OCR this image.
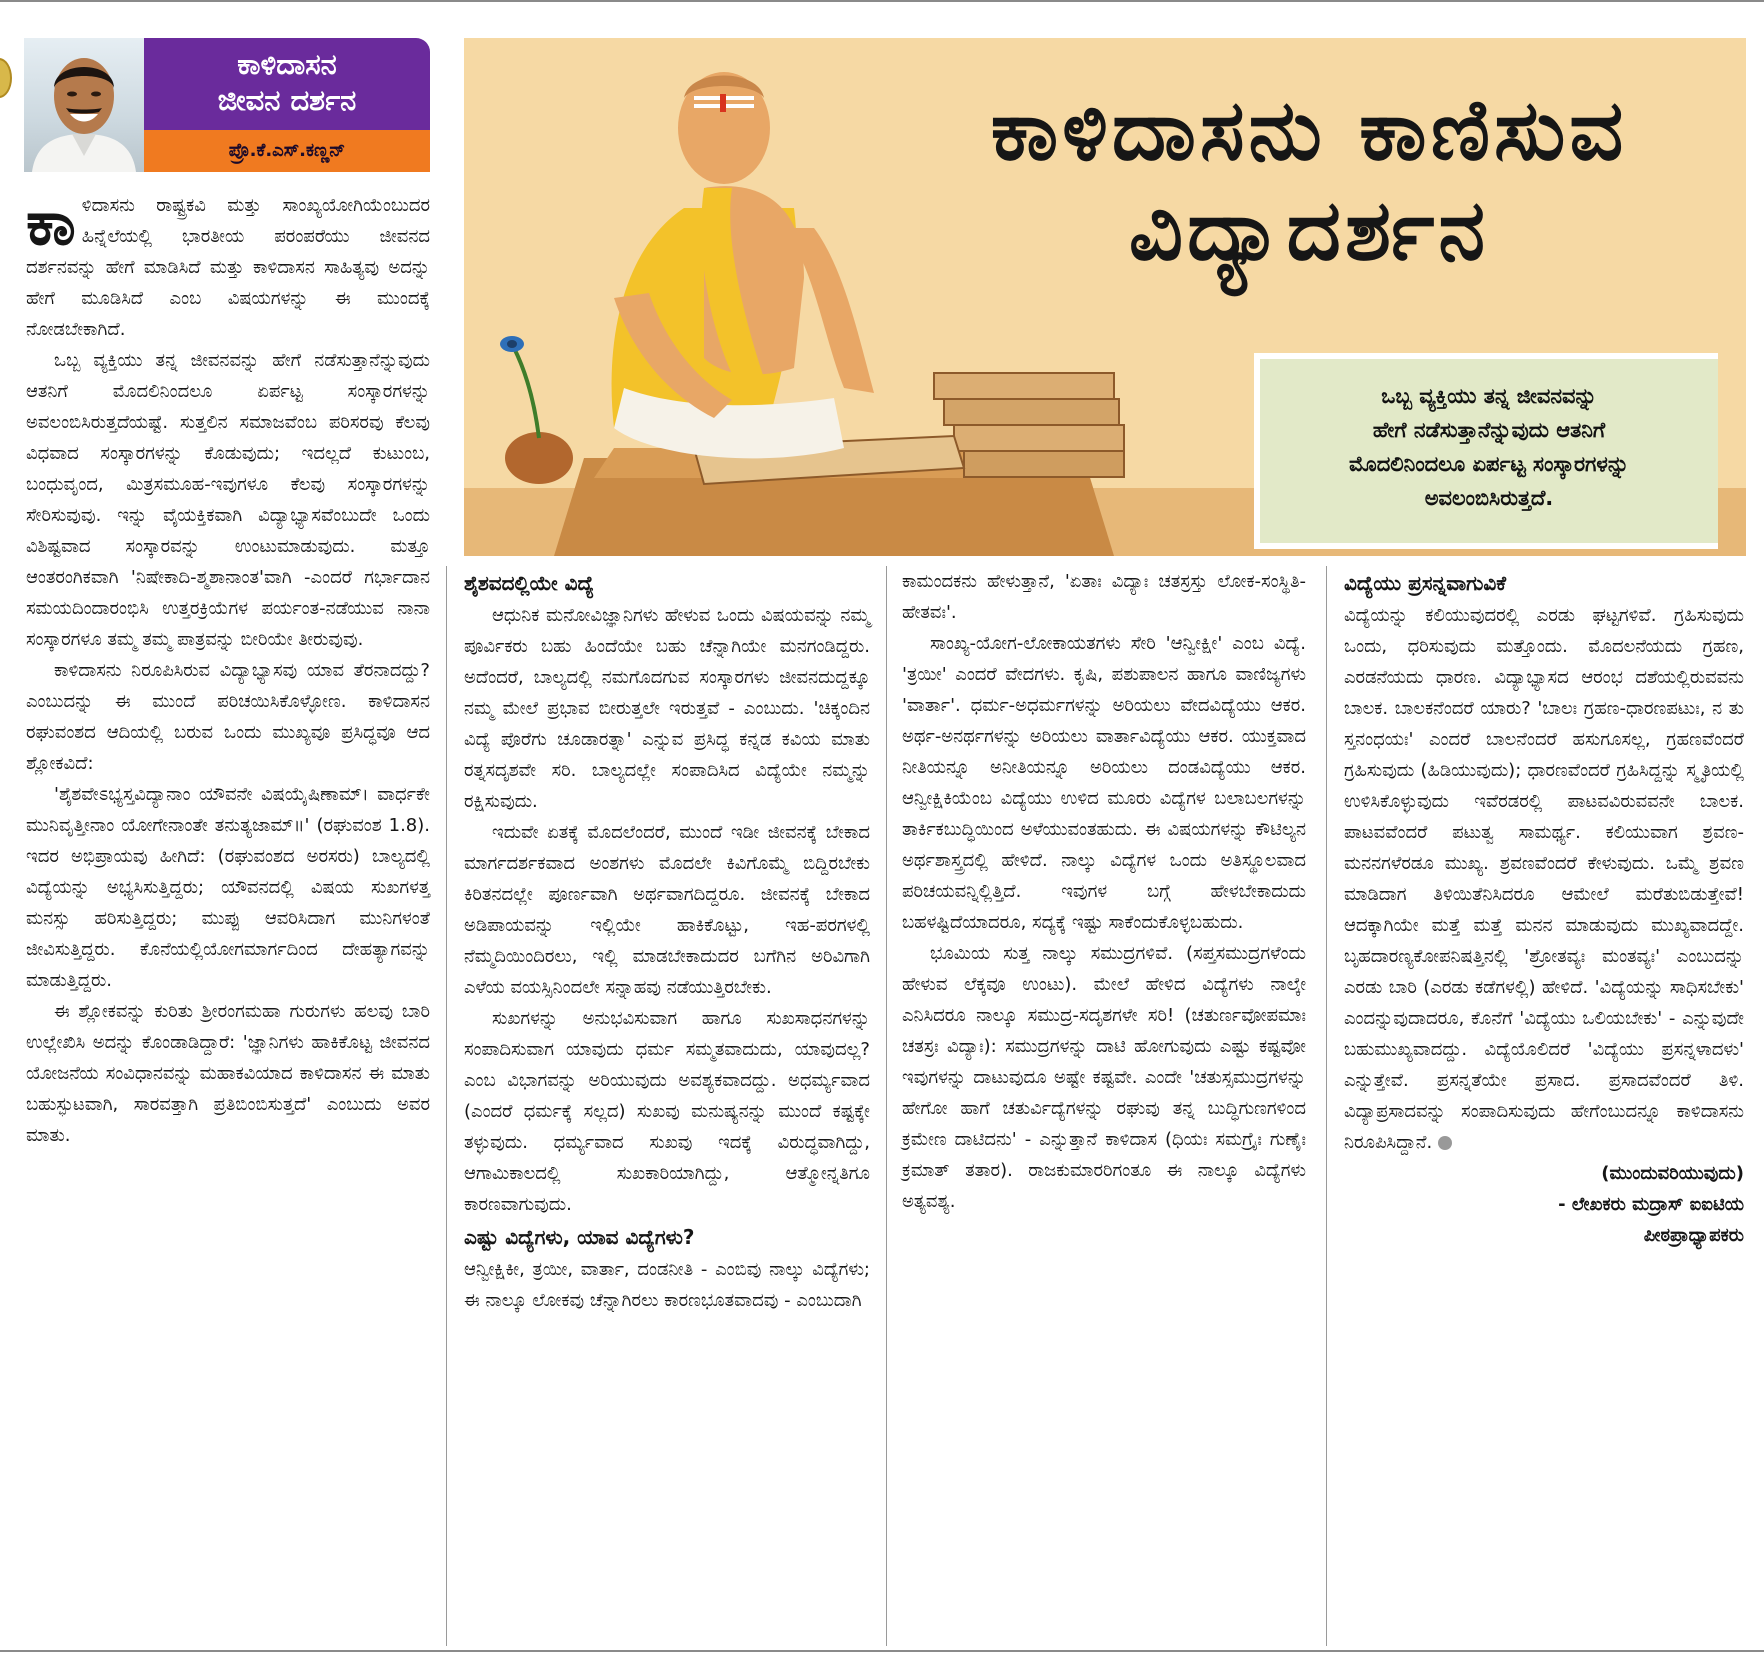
ಕಾಳಿದಾಸನ
ಜೀವನ ದರ್ಶನ
ಪ್ರೊ.ಕೆ.ಎಸ್.ಕಣ್ಣನ್	ಕಾಳಿದಾಸನು ಕಾಣಿಸುವ
ವಿದ್ಯಾದರ್ಶನ
ಒಬ್ಬ ವ್ಯಕ್ತಿಯು ತನ್ನ ಜೀವನವನ್ನು
ಹೇಗೆ ನಡೆಸುತ್ತಾನೆನ್ನುವುದು ಆತನಿಗೆ
ಮೊದಲಿನಿಂದಲೂ ಏರ್ಪಟ್ಟ ಸಂಸ್ಕಾರಗಳನ್ನು
ಅವಲಂಬಿಸಿರುತ್ತದೆ.

ಕಾಳಿದಾಸನು ರಾಷ್ಟ್ರಕವಿ ಮತ್ತು ಸಾಂಖ್ಯಯೋಗಿಯೆಂಬುದರ ಹಿನ್ನೆಲೆಯಲ್ಲಿ ಭಾರತೀಯ ಪರಂಪರೆಯು ಜೀವನದ ದರ್ಶನವನ್ನು ಹೇಗೆ ಮಾಡಿಸಿದೆ ಮತ್ತು ಕಾಳಿದಾಸನ ಸಾಹಿತ್ಯವು ಅದನ್ನು ಹೇಗೆ ಮೂಡಿಸಿದೆ ಎಂಬ ವಿಷಯಗಳನ್ನು ಈ ಮುಂದಕ್ಕೆ ನೋಡಬೇಕಾಗಿದೆ.

ಒಬ್ಬ ವ್ಯಕ್ತಿಯು ತನ್ನ ಜೀವನವನ್ನು ಹೇಗೆ ನಡೆಸುತ್ತಾನೆನ್ನುವುದು ಆತನಿಗೆ ಮೊದಲಿನಿಂದಲೂ ಏರ್ಪಟ್ಟ ಸಂಸ್ಕಾರಗಳನ್ನು ಅವಲಂಬಿಸಿರುತ್ತದೆಯಷ್ಟೆ. ಸುತ್ತಲಿನ ಸಮಾಜವೆಂಬ ಪರಿಸರವು ಕೆಲವು ವಿಧವಾದ ಸಂಸ್ಕಾರಗಳನ್ನು ಕೊಡುವುದು; ಇದಲ್ಲದೆ ಕುಟುಂಬ, ಬಂಧುವೃಂದ, ಮಿತ್ರಸಮೂಹ-ಇವುಗಳೂ ಕೆಲವು ಸಂಸ್ಕಾರಗಳನ್ನು ಸೇರಿಸುವುವು. ಇನ್ನು ವೈಯಕ್ತಿಕವಾಗಿ ವಿದ್ಯಾಭ್ಯಾಸವೆಂಬುದೇ ಒಂದು ವಿಶಿಷ್ಟವಾದ ಸಂಸ್ಕಾರವನ್ನು ಉಂಟುಮಾಡುವುದು. ಮತ್ತೂ ಆಂತರಂಗಿಕವಾಗಿ 'ನಿಷೇಕಾದಿ-ಶ್ಮಶಾನಾಂತ'ವಾಗಿ -ಎಂದರೆ ಗರ್ಭಾದಾನ ಸಮಯದಿಂದಾರಂಭಿಸಿ ಉತ್ತರಕ್ರಿಯೆಗಳ ಪರ್ಯಂತ-ನಡೆಯುವ ನಾನಾ ಸಂಸ್ಕಾರಗಳೂ ತಮ್ಮ ತಮ್ಮ ಪಾತ್ರವನ್ನು ಬೀರಿಯೇ ತೀರುವುವು.

ಕಾಳಿದಾಸನು ನಿರೂಪಿಸಿರುವ ವಿದ್ಯಾಭ್ಯಾಸವು ಯಾವ ತೆರನಾದದ್ದು? ಎಂಬುದನ್ನು ಈ ಮುಂದೆ ಪರಿಚಯಿಸಿಕೊಳ್ಳೋಣ. ಕಾಳಿದಾಸನ ರಘುವಂಶದ ಆದಿಯಲ್ಲಿ ಬರುವ ಒಂದು ಮುಖ್ಯವೂ ಪ್ರಸಿದ್ಧವೂ ಆದ ಶ್ಲೋಕವಿದೆ:

'ಶೈಶವೇಽಭ್ಯಸ್ತವಿದ್ಯಾನಾಂ ಯೌವನೇ ವಿಷಯೈಷಿಣಾಮ್। ವಾರ್ಧಕೇ ಮುನಿವೃತ್ತೀನಾಂ ಯೋಗೇನಾಂತೇ ತನುತ್ಯಜಾಮ್॥' (ರಘುವಂಶ 1.8). ಇದರ ಅಭಿಪ್ರಾಯವು ಹೀಗಿದೆ: (ರಘುವಂಶದ ಅರಸರು) ಬಾಲ್ಯದಲ್ಲಿ ವಿದ್ಯೆಯನ್ನು ಅಭ್ಯಸಿಸುತ್ತಿದ್ದರು; ಯೌವನದಲ್ಲಿ ವಿಷಯ ಸುಖಗಳತ್ತ ಮನಸ್ಸು ಹರಿಸುತ್ತಿದ್ದರು; ಮುಪ್ಪು ಆವರಿಸಿದಾಗ ಮುನಿಗಳಂತೆ ಜೀವಿಸುತ್ತಿದ್ದರು. ಕೊನೆಯಲ್ಲಿಯೋಗಮಾರ್ಗದಿಂದ ದೇಹತ್ಯಾಗವನ್ನು ಮಾಡುತ್ತಿದ್ದರು.

ಈ ಶ್ಲೋಕವನ್ನು ಕುರಿತು ಶ್ರೀರಂಗಮಹಾ ಗುರುಗಳು ಹಲವು ಬಾರಿ ಉಲ್ಲೇಖಿಸಿ ಅದನ್ನು ಕೊಂಡಾಡಿದ್ದಾರೆ: 'ಜ್ಞಾನಿಗಳು ಹಾಕಿಕೊಟ್ಟ ಜೀವನದ ಯೋಜನೆಯ ಸಂವಿಧಾನವನ್ನು ಮಹಾಕವಿಯಾದ ಕಾಳಿದಾಸನ ಈ ಮಾತು ಬಹುಸ್ಫುಟವಾಗಿ, ಸಾರವತ್ತಾಗಿ ಪ್ರತಿಬಿಂಬಿಸುತ್ತದೆ' ಎಂಬುದು ಅವರ ಮಾತು.

ಶೈಶವದಲ್ಲಿಯೇ ವಿದ್ಯೆ

ಆಧುನಿಕ ಮನೋವಿಜ್ಞಾನಿಗಳು ಹೇಳುವ ಒಂದು ವಿಷಯವನ್ನು ನಮ್ಮ ಪೂರ್ವಿಕರು ಬಹು ಹಿಂದೆಯೇ ಬಹು ಚೆನ್ನಾಗಿಯೇ ಮನಗಂಡಿದ್ದರು. ಅದೆಂದರೆ, ಬಾಲ್ಯದಲ್ಲಿ ನಮಗೊದಗುವ ಸಂಸ್ಕಾರಗಳು ಜೀವನದುದ್ದಕ್ಕೂ ನಮ್ಮ ಮೇಲೆ ಪ್ರಭಾವ ಬೀರುತ್ತಲೇ ಇರುತ್ತವೆ - ಎಂಬುದು. 'ಚಿಕ್ಕಂದಿನ ವಿದ್ಯೆ ಪೊರೆಗು ಚೂಡಾರತ್ನಾ' ಎನ್ನುವ ಪ್ರಸಿದ್ಧ ಕನ್ನಡ ಕವಿಯ ಮಾತು ರತ್ನಸದೃಶವೇ ಸರಿ. ಬಾಲ್ಯದಲ್ಲೇ ಸಂಪಾದಿಸಿದ ವಿದ್ಯೆಯೇ ನಮ್ಮನ್ನು ರಕ್ಷಿಸುವುದು.

ಇದುವೇ ಏತಕ್ಕೆ ಮೊದಲೆಂದರೆ, ಮುಂದೆ ಇಡೀ ಜೀವನಕ್ಕೆ ಬೇಕಾದ ಮಾರ್ಗದರ್ಶಕವಾದ ಅಂಶಗಳು ಮೊದಲೇ ಕಿವಿಗೊಮ್ಮೆ ಬಿದ್ದಿರಬೇಕು ಕಿರಿತನದಲ್ಲೇ ಪೂರ್ಣವಾಗಿ ಅರ್ಥವಾಗದಿದ್ದರೂ. ಜೀವನಕ್ಕೆ ಬೇಕಾದ ಅಡಿಪಾಯವನ್ನು ಇಲ್ಲಿಯೇ ಹಾಕಿಕೊಟ್ಟು, ಇಹ-ಪರಗಳಲ್ಲಿ ನೆಮ್ಮದಿಯಿಂದಿರಲು, ಇಲ್ಲಿ ಮಾಡಬೇಕಾದುದರ ಬಗೆಗಿನ ಅರಿವಿಗಾಗಿ ಎಳೆಯ ವಯಸ್ಸಿನಿಂದಲೇ ಸನ್ನಾಹವು ನಡೆಯುತ್ತಿರಬೇಕು.

ಸುಖಗಳನ್ನು ಅನುಭವಿಸುವಾಗ ಹಾಗೂ ಸುಖಸಾಧನಗಳನ್ನು ಸಂಪಾದಿಸುವಾಗ ಯಾವುದು ಧರ್ಮ ಸಮ್ಮತವಾದುದು, ಯಾವುದಲ್ಲ? ಎಂಬ ವಿಭಾಗವನ್ನು ಅರಿಯುವುದು ಅವಶ್ಯಕವಾದದ್ದು. ಅಧರ್ಮ್ಯವಾದ (ಎಂದರೆ ಧರ್ಮಕ್ಕೆ ಸಲ್ಲದ) ಸುಖವು ಮನುಷ್ಯನನ್ನು ಮುಂದೆ ಕಷ್ಟಕ್ಕೇ ತಳ್ಳುವುದು. ಧರ್ಮ್ಯವಾದ ಸುಖವು ಇದಕ್ಕೆ ವಿರುದ್ಧವಾಗಿದ್ದು, ಆಗಾಮಿಕಾಲದಲ್ಲಿ ಸುಖಕಾರಿಯಾಗಿದ್ದು, ಆತ್ಮೋನ್ನತಿಗೂ ಕಾರಣವಾಗುವುದು.

ಎಷ್ಟು ವಿದ್ಯೆಗಳು, ಯಾವ ವಿದ್ಯೆಗಳು?

ಆನ್ವೀಕ್ಷಿಕೀ, ತ್ರಯೀ, ವಾರ್ತಾ, ದಂಡನೀತಿ - ಎಂಬಿವು ನಾಲ್ಕು ವಿದ್ಯೆಗಳು; ಈ ನಾಲ್ಕೂ ಲೋಕವು ಚೆನ್ನಾಗಿರಲು ಕಾರಣಭೂತವಾದವು - ಎಂಬುದಾಗಿ

ಕಾಮಂದಕನು ಹೇಳುತ್ತಾನೆ, 'ಏತಾಃ ವಿದ್ಯಾಃ ಚತಸ್ರಸ್ತು ಲೋಕ-ಸಂಸ್ಥಿತಿ-ಹೇತವಃ'.

ಸಾಂಖ್ಯ-ಯೋಗ-ಲೋಕಾಯತಗಳು ಸೇರಿ 'ಆನ್ವೀಕ್ಷೀ' ಎಂಬ ವಿದ್ಯೆ. 'ತ್ರಯೀ' ಎಂದರೆ ವೇದಗಳು. ಕೃಷಿ, ಪಶುಪಾಲನ ಹಾಗೂ ವಾಣಿಜ್ಯಗಳು 'ವಾರ್ತಾ'. ಧರ್ಮ-ಅಧರ್ಮಗಳನ್ನು ಅರಿಯಲು ವೇದವಿದ್ಯೆಯು ಆಕರ. ಅರ್ಥ-ಅನರ್ಥಗಳನ್ನು ಅರಿಯಲು ವಾರ್ತಾವಿದ್ಯೆಯು ಆಕರ. ಯುಕ್ತವಾದ ನೀತಿಯನ್ನೂ ಅನೀತಿಯನ್ನೂ ಅರಿಯಲು ದಂಡವಿದ್ಯೆಯು ಆಕರ. ಆನ್ವೀಕ್ಷಿಕಿಯೆಂಬ ವಿದ್ಯೆಯು ಉಳಿದ ಮೂರು ವಿದ್ಯೆಗಳ ಬಲಾಬಲಗಳನ್ನು ತಾರ್ಕಿಕಬುದ್ಧಿಯಿಂದ ಅಳೆಯುವಂತಹುದು. ಈ ವಿಷಯಗಳನ್ನು ಕೌಟಿಲ್ಯನ ಅರ್ಥಶಾಸ್ತ್ರದಲ್ಲಿ ಹೇಳಿದೆ. ನಾಲ್ಕು ವಿದ್ಯೆಗಳ ಒಂದು ಅತಿಸ್ಥೂಲವಾದ ಪರಿಚಯವನ್ನಿಲ್ಲಿತ್ತಿದೆ. ಇವುಗಳ ಬಗ್ಗೆ ಹೇಳಬೇಕಾದುದು ಬಹಳಷ್ಟಿದೆಯಾದರೂ, ಸದ್ಯಕ್ಕೆ ಇಷ್ಟು ಸಾಕೆಂದುಕೊಳ್ಳಬಹುದು.

ಭೂಮಿಯ ಸುತ್ತ ನಾಲ್ಕು ಸಮುದ್ರಗಳಿವೆ. (ಸಪ್ತಸಮುದ್ರಗಳೆಂದು ಹೇಳುವ ಲೆಕ್ಕವೂ ಉಂಟು). ಮೇಲೆ ಹೇಳಿದ ವಿದ್ಯೆಗಳು ನಾಲ್ಕೇ ಎನಿಸಿದರೂ ನಾಲ್ಕೂ ಸಮುದ್ರ-ಸದೃಶಗಳೇ ಸರಿ! (ಚತುರ್ಣವೋಪಮಾಃ ಚತಸ್ರಃ ವಿದ್ಯಾಃ): ಸಮುದ್ರಗಳನ್ನು ದಾಟಿ ಹೋಗುವುದು ಎಷ್ಟು ಕಷ್ಟವೋ ಇವುಗಳನ್ನು ದಾಟುವುದೂ ಅಷ್ಟೇ ಕಷ್ಟವೇ. ಎಂದೇ 'ಚತುಸ್ಸಮುದ್ರಗಳನ್ನು ಹೇಗೋ ಹಾಗೆ ಚತುರ್ವಿದ್ಯೆಗಳನ್ನು ರಘುವು ತನ್ನ ಬುದ್ಧಿಗುಣಗಳಿಂದ ಕ್ರಮೇಣ ದಾಟಿದನು' - ಎನ್ನುತ್ತಾನೆ ಕಾಳಿದಾಸ (ಧಿಯಃ ಸಮಗ್ರೈಃ ಗುಣೈಃ ಕ್ರಮಾತ್ ತತಾರ). ರಾಜಕುಮಾರರಿಗಂತೂ ಈ ನಾಲ್ಕೂ ವಿದ್ಯೆಗಳು ಅತ್ಯವಶ್ಯ.

ವಿದ್ಯೆಯು ಪ್ರಸನ್ನವಾಗುವಿಕೆ

ವಿದ್ಯೆಯನ್ನು ಕಲಿಯುವುದರಲ್ಲಿ ಎರಡು ಘಟ್ಟಗಳಿವೆ. ಗ್ರಹಿಸುವುದು ಒಂದು, ಧರಿಸುವುದು ಮತ್ತೊಂದು. ಮೊದಲನೆಯದು ಗ್ರಹಣ, ಎರಡನೆಯದು ಧಾರಣ. ವಿದ್ಯಾಭ್ಯಾಸದ ಆರಂಭ ದಶೆಯಲ್ಲಿರುವವನು ಬಾಲಕ. ಬಾಲಕನೆಂದರೆ ಯಾರು? 'ಬಾಲಃ ಗ್ರಹಣ-ಧಾರಣಪಟುಃ, ನ ತು ಸ್ತನಂಧಯಃ' ಎಂದರೆ ಬಾಲನೆಂದರೆ ಹಸುಗೂಸಲ್ಲ, ಗ್ರಹಣವೆಂದರೆ ಗ್ರಹಿಸುವುದು (ಹಿಡಿಯುವುದು); ಧಾರಣವೆಂದರೆ ಗ್ರಹಿಸಿದ್ದನ್ನು ಸ್ಮೃತಿಯಲ್ಲಿ ಉಳಿಸಿಕೊಳ್ಳುವುದು ಇವೆರಡರಲ್ಲಿ ಪಾಟವವಿರುವವನೇ ಬಾಲಕ. ಪಾಟವವೆಂದರೆ ಪಟುತ್ವ ಸಾಮರ್ಥ್ಯ. ಕಲಿಯುವಾಗ ಶ್ರವಣ-ಮನನಗಳೆರಡೂ ಮುಖ್ಯ. ಶ್ರವಣವೆಂದರೆ ಕೇಳುವುದು. ಒಮ್ಮೆ ಶ್ರವಣ ಮಾಡಿದಾಗ ತಿಳಿಯಿತೆನಿಸಿದರೂ ಆಮೇಲೆ ಮರೆತುಬಿಡುತ್ತೇವೆ! ಆದಕ್ಕಾಗಿಯೇ ಮತ್ತೆ ಮತ್ತೆ ಮನನ ಮಾಡುವುದು ಮುಖ್ಯವಾದದ್ದೇ. ಬೃಹದಾರಣ್ಯಕೋಪನಿಷತ್ತಿನಲ್ಲಿ 'ಶ್ರೋತವ್ಯಃ ಮಂತವ್ಯಃ' ಎಂಬುದನ್ನು ಎರಡು ಬಾರಿ (ಎರಡು ಕಡೆಗಳಲ್ಲಿ) ಹೇಳಿದೆ. 'ವಿದ್ಯೆಯನ್ನು ಸಾಧಿಸಬೇಕು' ಎಂದನ್ನುವುದಾದರೂ, ಕೊನೆಗೆ 'ವಿದ್ಯೆಯು ಒಲಿಯಬೇಕು' - ಎನ್ನುವುದೇ ಬಹುಮುಖ್ಯವಾದದ್ದು. ವಿದ್ಯೆಯೊಲಿದರೆ 'ವಿದ್ಯೆಯು ಪ್ರಸನ್ನಳಾದಳು' ಎನ್ನುತ್ತೇವೆ. ಪ್ರಸನ್ನತೆಯೇ ಪ್ರಸಾದ. ಪ್ರಸಾದವೆಂದರೆ ತಿಳಿ. ವಿದ್ಯಾಪ್ರಸಾದವನ್ನು ಸಂಪಾದಿಸುವುದು ಹೇಗೆಂಬುದನ್ನೂ ಕಾಳಿದಾಸನು ನಿರೂಪಿಸಿದ್ದಾನೆ.

(ಮುಂದುವರಿಯುವುದು)

- ಲೇಖಕರು ಮದ್ರಾಸ್ ಐಐಟಿಯ

ಪೀಠಪ್ರಾಧ್ಯಾಪಕರು
